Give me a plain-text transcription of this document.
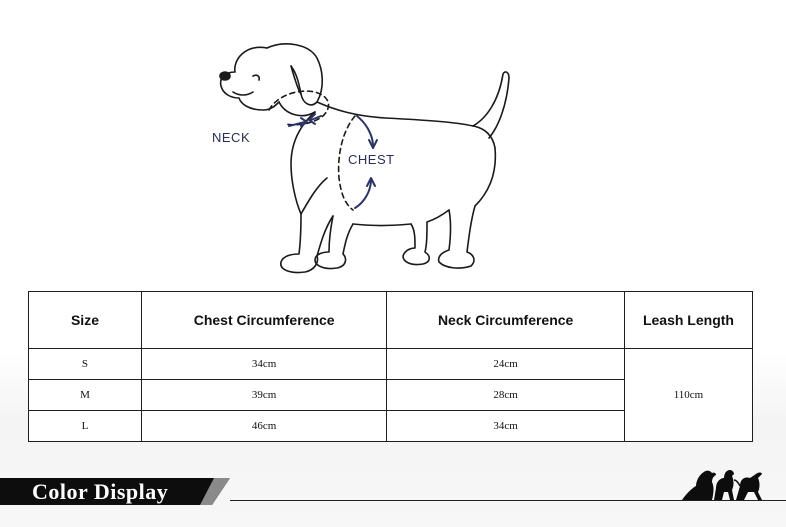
NECK
CHEST
Size	Chest Circumference	Neck Circumference	Leash Length
S	34cm	24cm	110cm
M	39cm	28cm	
L	46cm	34cm	
Color Display
